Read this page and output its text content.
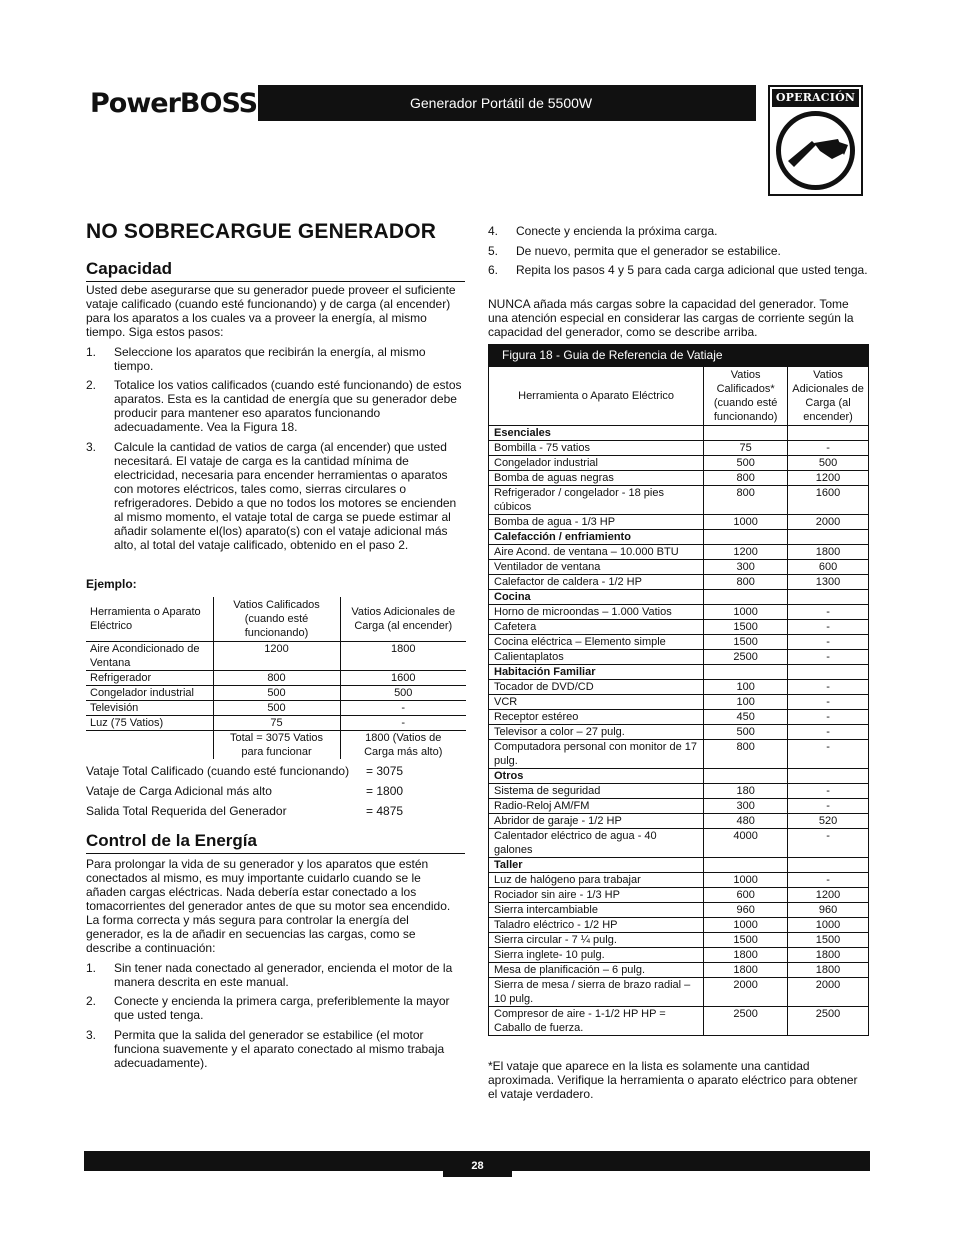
PowerBOSS	Generador Portátil de 5500W	OPERACIÓN
NO SOBRECARGUE GENERADOR
Capacidad
Usted debe asegurarse que su generador puede proveer el suficiente vataje calificado (cuando esté funcionando) y de carga (al encender) para los aparatos a los cuales va a proveer la energía, al mismo tiempo. Siga estos pasos:
1. Seleccione los aparatos que recibirán la energía, al mismo tiempo.
2. Totalice los vatios calificados (cuando esté funcionando) de estos aparatos. Esta es la cantidad de energía que su generador debe producir para mantener eso aparatos funcionando adecuadamente. Vea la Figura 18.
3. Calcule la cantidad de vatios de carga (al encender) que usted necesitará. El vataje de carga es la cantidad mínima de electricidad, necesaria para encender herramientas o aparatos con motores eléctricos, tales como, sierras circulares o refrigeradores. Debido a que no todos los motores se encienden al mismo momento, el vataje total de carga se puede estimar al añadir solamente el(los) aparato(s) con el vataje adicional más alto, al total del vataje calificado, obtenido en el paso 2.
Ejemplo:
Herramienta o Aparato Eléctrico	Vatios Calificados (cuando esté funcionando)	Vatios Adicionales de Carga (al encender)
Aire Acondicionado de Ventana	1200	1800
Refrigerador	800	1600
Congelador industrial	500	500
Televisión	500	-
Luz (75 Vatios)	75	-
	Total = 3075 Vatios para funcionar	1800 (Vatios de Carga más alto)
Vataje Total Calificado (cuando esté funcionando) = 3075
Vataje de Carga Adicional más alto	= 1800
Salida Total Requerida del Generador	= 4875
Control de la Energía
Para prolongar la vida de su generador y los aparatos que estén conectados al mismo, es muy importante cuidarlo cuando se le añaden cargas eléctricas. Nada debería estar conectado a los tomacorrientes del generador antes de que su motor sea encendido. La forma correcta y más segura para controlar la energía del generador, es la de añadir en secuencias las cargas, como se describe a continuación:
1. Sin tener nada conectado al generador, encienda el motor de la manera descrita en este manual.
2. Conecte y encienda la primera carga, preferiblemente la mayor que usted tenga.
3. Permita que la salida del generador se estabilice (el motor funciona suavemente y el aparato conectado al mismo trabaja adecuadamente).
4. Conecte y encienda la próxima carga.
5. De nuevo, permita que el generador se estabilice.
6. Repita los pasos 4 y 5 para cada carga adicional que usted tenga.
NUNCA añada más cargas sobre la capacidad del generador. Tome una atención especial en considerar las cargas de corriente según la capacidad del generador, como se describe arriba.
Figura 18 - Guia de Referencia de Vatiaje
Herramienta o Aparato Eléctrico	Vatios Calificados* (cuando esté funcionando)	Vatios Adicionales de Carga (al encender)
Esenciales		
Bombilla - 75 vatios	75	-
Congelador industrial	500	500
Bomba de aguas negras	800	1200
Refrigerador / congelador - 18 pies cúbicos	800	1600
Bomba de agua - 1/3 HP	1000	2000
Calefacción / enfriamiento		
Aire Acond. de ventana – 10.000 BTU	1200	1800
Ventilador de ventana	300	600
Calefactor de caldera - 1/2 HP	800	1300
Cocina		
Horno de microondas – 1.000 Vatios	1000	-
Cafetera	1500	-
Cocina eléctrica – Elemento simple	1500	-
Calientaplatos	2500	-
Habitación Familiar		
Tocador de DVD/CD	100	-
VCR	100	-
Receptor estéreo	450	-
Televisor a color – 27 pulg.	500	-
Computadora personal con monitor de 17 pulg.	800	-
Otros		
Sistema de seguridad	180	-
Radio-Reloj AM/FM	300	-
Abridor de garaje - 1/2 HP	480	520
Calentador eléctrico de agua - 40 galones	4000	-
Taller		
Luz de halógeno para trabajar	1000	-
Rociador sin aire - 1/3 HP	600	1200
Sierra intercambiable	960	960
Taladro eléctrico - 1/2 HP	1000	1000
Sierra circular - 7 ¼ pulg.	1500	1500
Sierra inglete- 10 pulg.	1800	1800
Mesa de planificación – 6 pulg.	1800	1800
Sierra de mesa / sierra de brazo radial – 10 pulg.	2000	2000
Compresor de aire - 1-1/2 HP HP = Caballo de fuerza.	2500	2500
*El vataje que aparece en la lista es solamente una cantidad aproximada. Verifique la herramienta o aparato eléctrico para obtener el vataje verdadero.
28
